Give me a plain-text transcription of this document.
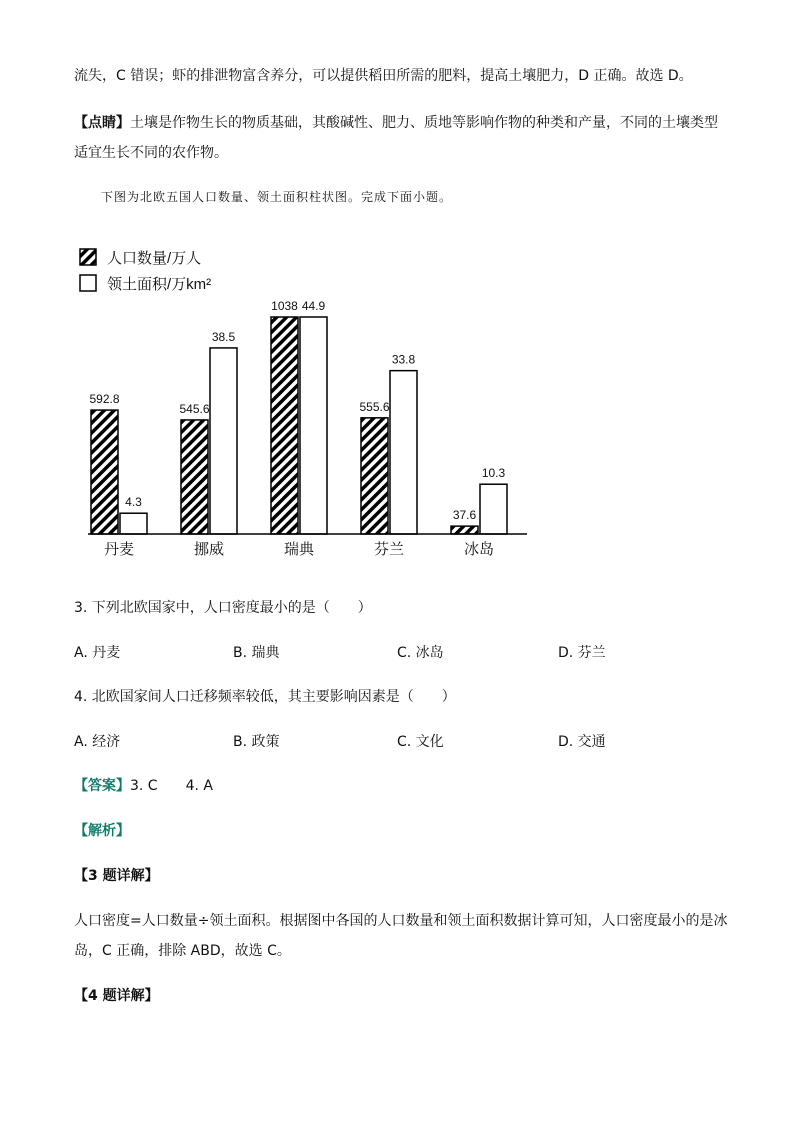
流失，C 错误；虾的排泄物富含养分，可以提供稻田所需的肥料，提高土壤肥力，D 正确。故选 D。
【点睛】土壤是作物生长的物质基础，其酸碱性、肥力、质地等影响作物的种类和产量，不同的土壤类型
适宜生长不同的农作物。
下图为北欧五国人口数量、领土面积柱状图。完成下面小题。
人口数量/万人
领土面积/万km²
592.8
4.3
545.6
38.5
1038 44.9
555.6
33.8
37.6
10.3
丹麦	挪威	瑞典	芬兰	冰岛
3. 下列北欧国家中，人口密度最小的是（　　）
A. 丹麦	B. 瑞典	C. 冰岛	D. 芬兰
4. 北欧国家间人口迁移频率较低，其主要影响因素是（　　）
A. 经济	B. 政策	C. 文化	D. 交通
【答案】3. C　　4. A
【解析】
【3 题详解】
人口密度=人口数量÷领土面积。根据图中各国的人口数量和领土面积数据计算可知，人口密度最小的是冰
岛，C 正确，排除 ABD，故选 C。
【4 题详解】
